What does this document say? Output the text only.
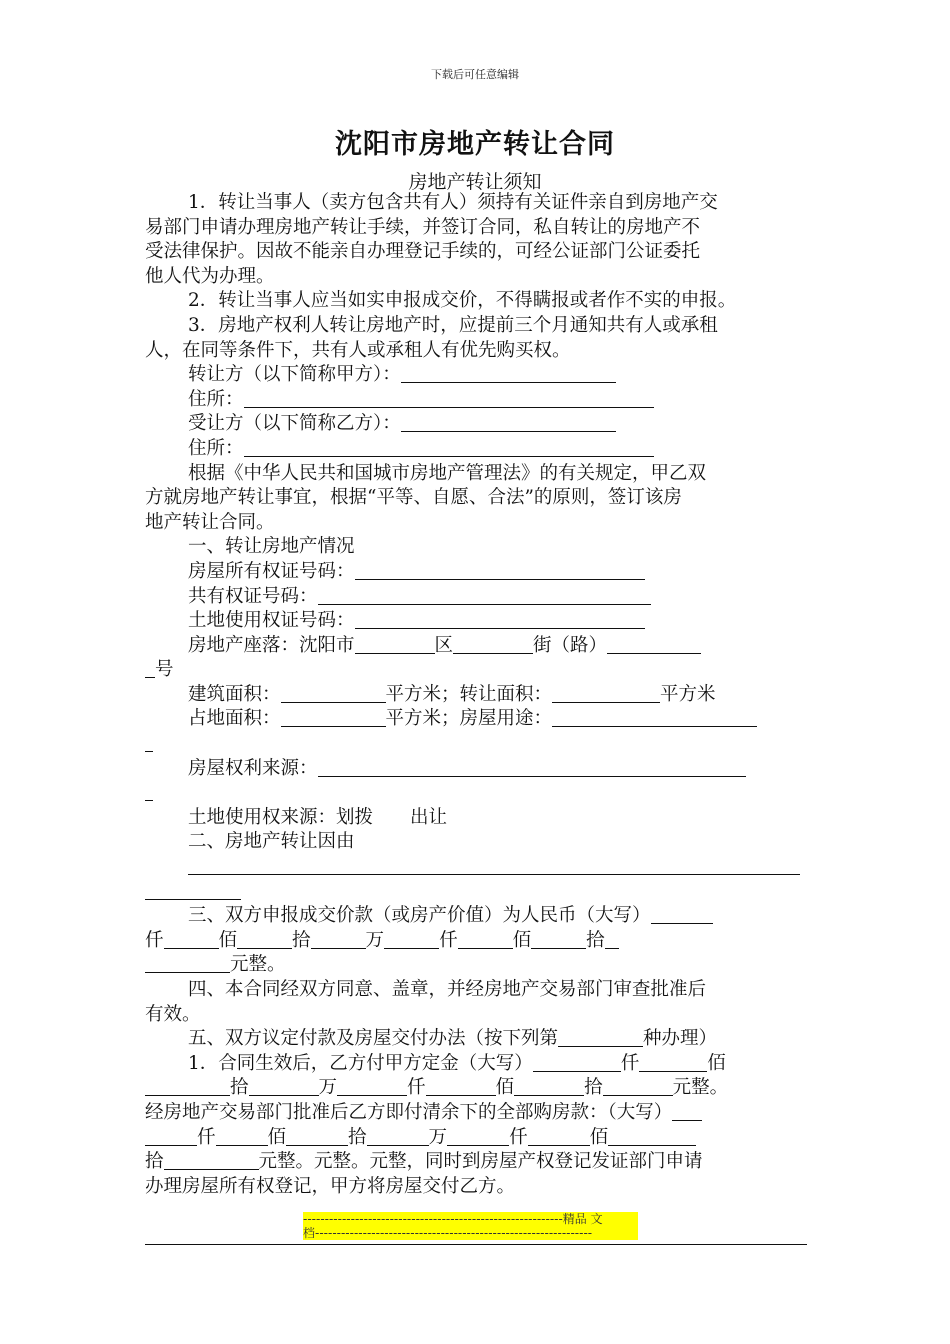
下载后可任意编辑
沈阳市房地产转让合同
房地产转让须知
1．转让当事人（卖方包含共有人）须持有关证件亲自到房地产交
易部门申请办理房地产转让手续，并签订合同，私自转让的房地产不
受法律保护。因故不能亲自办理登记手续的，可经公证部门公证委托
他人代为办理。
2．转让当事人应当如实申报成交价，不得瞒报或者作不实的申报。
3．房地产权利人转让房地产时，应提前三个月通知共有人或承租
人，在同等条件下，共有人或承租人有优先购买权。
转让方（以下简称甲方）：
住所：
受让方（以下简称乙方）：
住所：
根据《中华人民共和国城市房地产管理法》的有关规定，甲乙双
方就房地产转让事宜，根据“平等、自愿、合法”的原则，签订该房
地产转让合同。
一、转让房地产情况
房屋所有权证号码：
共有权证号码：
土地使用权证号码：
房地产座落：沈阳市	区	街（路）
号
建筑面积：	平方米；转让面积：	平方米
占地面积：	平方米；房屋用途：
房屋权利来源：
土地使用权来源：划拨　　出让
二、房地产转让因由
三、双方申报成交价款（或房产价值）为人民币（大写）
仟	佰	拾	万	仟	佰	拾
元整。
四、本合同经双方同意、盖章，并经房地产交易部门审查批准后
有效。
五、双方议定付款及房屋交付办法（按下列第	种办理）
1．合同生效后，乙方付甲方定金（大写）	仟	佰
拾	万	仟	佰	拾	元整。
经房地产交易部门批准后乙方即付清余下的全部购房款：（大写）
仟	佰	拾	万	仟	佰
拾	元整。元整。元整，同时到房屋产权登记发证部门申请
办理房屋所有权登记，甲方将房屋交付乙方。
------------------------------------------------------------精品 文
档----------------------------------------------------------------
